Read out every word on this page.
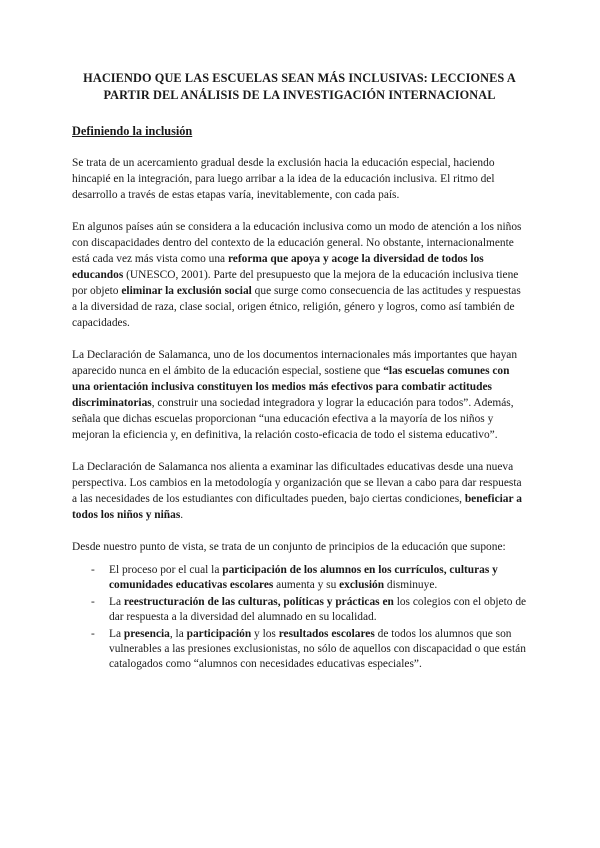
HACIENDO QUE LAS ESCUELAS SEAN MÁS INCLUSIVAS: LECCIONES A
PARTIR DEL ANÁLISIS DE LA INVESTIGACIÓN INTERNACIONAL
Definiendo la inclusión

Se trata de un acercamiento gradual desde la exclusión hacia la educación especial, haciendo hincapié en la integración, para luego arribar a la idea de la educación inclusiva. El ritmo del desarrollo a través de estas etapas varía, inevitablemente, con cada país.

En algunos países aún se considera a la educación inclusiva como un modo de atención a los niños con discapacidades dentro del contexto de la educación general. No obstante, internacionalmente está cada vez más vista como una reforma que apoya y acoge la diversidad de todos los educandos (UNESCO, 2001). Parte del presupuesto que la mejora de la educación inclusiva tiene por objeto eliminar la exclusión social que surge como consecuencia de las actitudes y respuestas a la diversidad de raza, clase social, origen étnico, religión, género y logros, como así también de capacidades.

La Declaración de Salamanca, uno de los documentos internacionales más importantes que hayan aparecido nunca en el ámbito de la educación especial, sostiene que “las escuelas comunes con una orientación inclusiva constituyen los medios más efectivos para combatir actitudes discriminatorias, construir una sociedad integradora y lograr la educación para todos”. Además, señala que dichas escuelas proporcionan “una educación efectiva a la mayoría de los niños y mejoran la eficiencia y, en definitiva, la relación costo-eficacia de todo el sistema educativo”.

La Declaración de Salamanca nos alienta a examinar las dificultades educativas desde una nueva perspectiva. Los cambios en la metodología y organización que se llevan a cabo para dar respuesta a las necesidades de los estudiantes con dificultades pueden, bajo ciertas condiciones, beneficiar a todos los niños y niñas.

Desde nuestro punto de vista, se trata de un conjunto de principios de la educación que supone:

- El proceso por el cual la participación de los alumnos en los currículos, culturas y comunidades educativas escolares aumenta y su exclusión disminuye.
- La reestructuración de las culturas, políticas y prácticas en los colegios con el objeto de dar respuesta a la diversidad del alumnado en su localidad.
- La presencia, la participación y los resultados escolares de todos los alumnos que son vulnerables a las presiones exclusionistas, no sólo de aquellos con discapacidad o que están catalogados como “alumnos con necesidades educativas especiales”.
